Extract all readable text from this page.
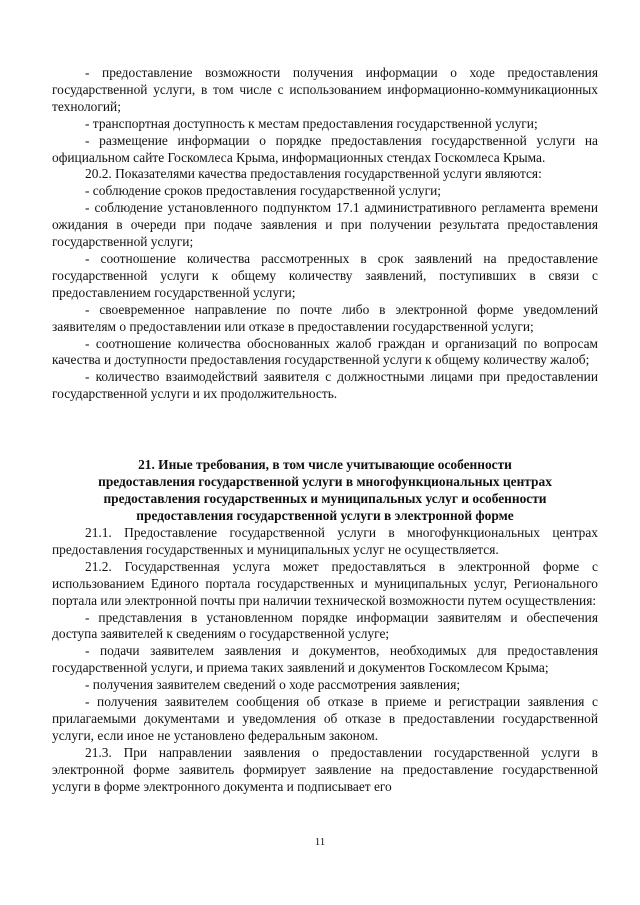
- предоставление возможности получения информации о ходе предоставления государственной услуги, в том числе с использованием информационно-коммуникационных технологий;

- транспортная доступность к местам предоставления государственной услуги;

- размещение информации о порядке предоставления государственной услуги на официальном сайте Госкомлеса Крыма, информационных стендах Госкомлеса Крыма.

20.2. Показателями качества предоставления государственной услуги являются:

- соблюдение сроков предоставления государственной услуги;

- соблюдение установленного подпунктом 17.1 административного регламента времени ожидания в очереди при подаче заявления и при получении результата предоставления государственной услуги;

- соотношение количества рассмотренных в срок заявлений на предоставление государственной услуги к общему количеству заявлений, поступивших в связи с предоставлением государственной услуги;

- своевременное направление по почте либо в электронной форме уведомлений заявителям о предоставлении или отказе в предоставлении государственной услуги;

- соотношение количества обоснованных жалоб граждан и организаций по вопросам качества и доступности предоставления государственной услуги к общему количеству жалоб;

- количество взаимодействий заявителя с должностными лицами при предоставлении государственной услуги и их продолжительность.

21. Иные требования, в том числе учитывающие особенности
предоставления государственной услуги в многофункциональных центрах
предоставления государственных и муниципальных услуг и особенности
предоставления государственной услуги в электронной форме

21.1. Предоставление государственной услуги в многофункциональных центрах предоставления государственных и муниципальных услуг не осуществляется.

21.2. Государственная услуга может предоставляться в электронной форме с использованием Единого портала государственных и муниципальных услуг, Регионального портала или электронной почты при наличии технической возможности путем осуществления:

- представления в установленном порядке информации заявителям и обеспечения доступа заявителей к сведениям о государственной услуге;

- подачи заявителем заявления и документов, необходимых для предоставления государственной услуги, и приема таких заявлений и документов Госкомлесом Крыма;

- получения заявителем сведений о ходе рассмотрения заявления;

- получения заявителем сообщения об отказе в приеме и регистрации заявления с прилагаемыми документами и уведомления об отказе в предоставлении государственной услуги, если иное не установлено федеральным законом.

21.3. При направлении заявления о предоставлении государственной услуги в электронной форме заявитель формирует заявление на предоставление государственной услуги в форме электронного документа и подписывает его

11
